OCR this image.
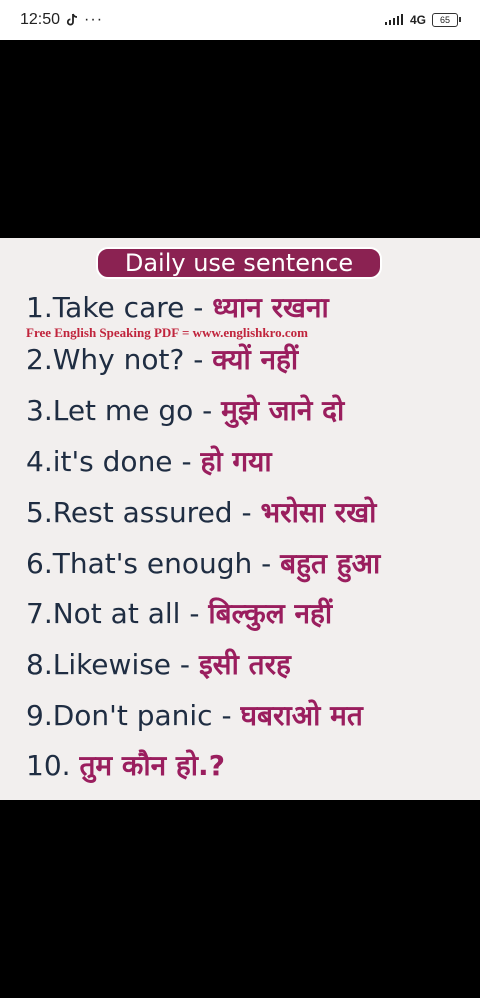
12:50 ···	4G 65
Daily use sentence
Free English Speaking PDF = www.englishkro.com
1.Take care - ध्यान रखना
2.Why not? - क्यों नहीं
3.Let me go - मुझे जाने दो
4.it's done - हो गया
5.Rest assured - भरोसा रखो
6.That's enough - बहुत हुआ
7.Not at all - बिल्कुल नहीं
8.Likewise - इसी तरह
9.Don't panic - घबराओ मत
10. तुम कौन हो.?
